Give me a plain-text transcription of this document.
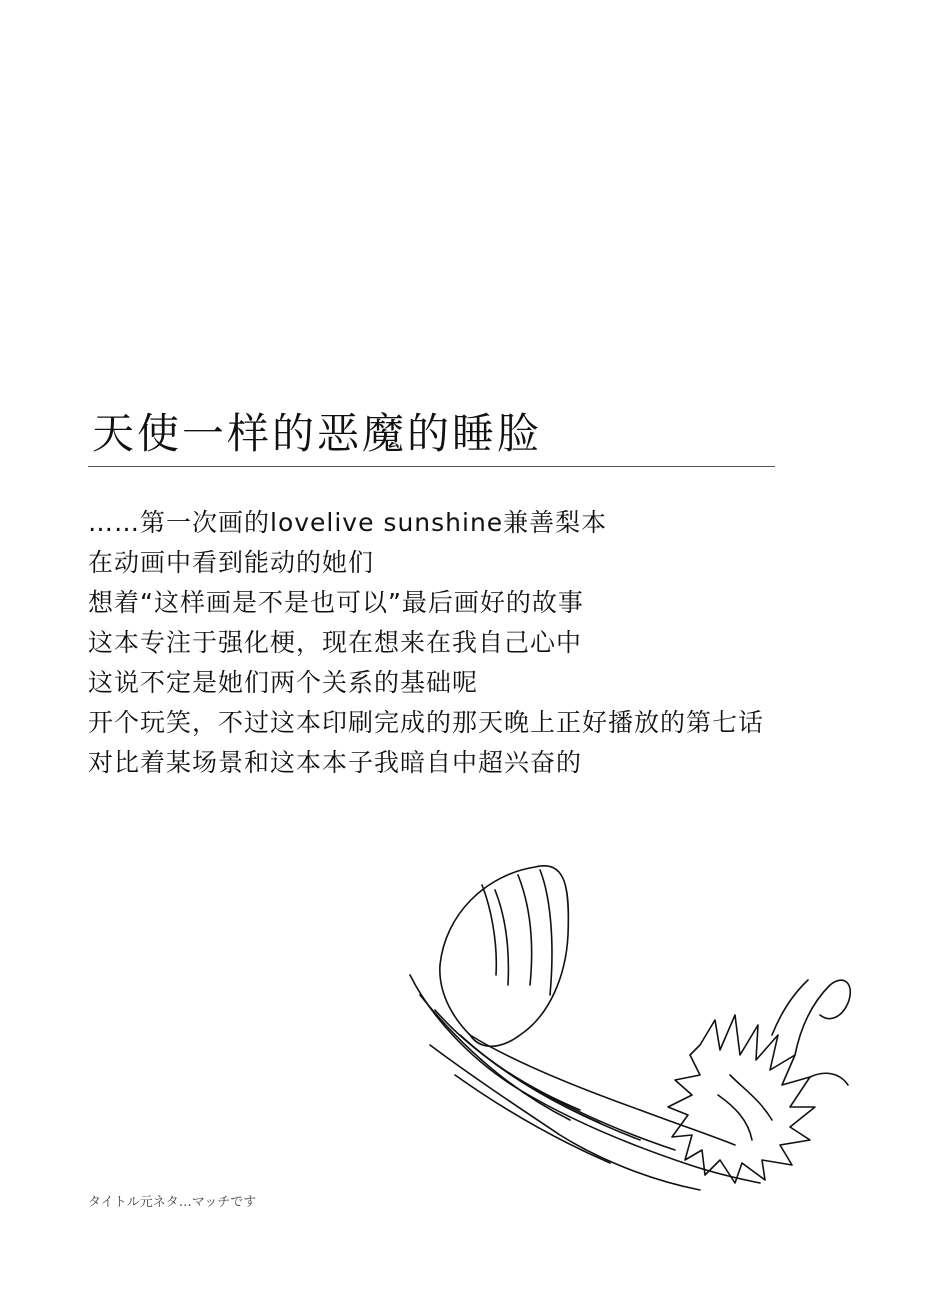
天使一样的恶魔的睡脸
……第一次画的lovelive sunshine兼善梨本
在动画中看到能动的她们
想着“这样画是不是也可以”最后画好的故事
这本专注于强化梗，现在想来在我自己心中
这说不定是她们两个关系的基础呢
开个玩笑，不过这本印刷完成的那天晚上正好播放的第七话
对比着某场景和这本本子我暗自中超兴奋的
タイトル元ネタ…マッチです
